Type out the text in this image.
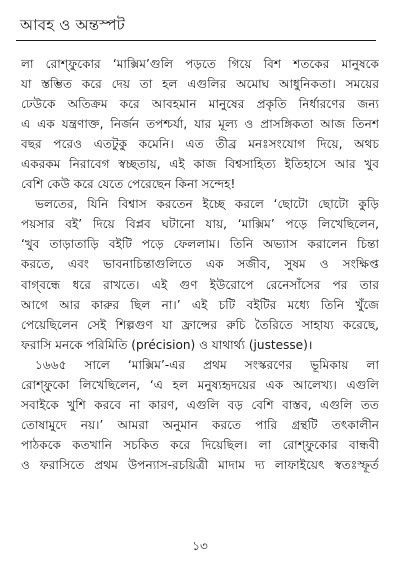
আবহ ও অন্তস্পট
লা রোশ্‌ফুকোর ‘মাক্সিম’গুলি পড়তে গিয়ে বিশ শতকের মানুষকে
যা স্তম্ভিত করে দেয় তা হল এগুলির অমোঘ আধুনিকতা। সময়ের
ঢেউকে অতিক্রম করে আবহমান মানুষের প্রকৃতি নির্ধারণের জন্য
এ এক যন্ত্রণাক্ত, নির্জন তপশ্চর্যা, যার মূল্য ও প্রাসঙ্গিকতা আজ তিনশ
বছর পরেও এতটুকু কমেনি। এত তীব্র মনঃসংযোগ দিয়ে, অথচ
একরকম নিরাবেগ স্বচ্ছতায়, এই কাজ বিশ্বসাহিত্য ইতিহাসে আর খুব
বেশি কেউ করে যেতে পেরেছেন কিনা সন্দেহ!
ভলতের, যিনি বিশ্বাস করতেন ইচ্ছে করলে ‘ছোটো ছোটো কুড়ি
পয়সার বই’ দিয়ে বিপ্লব ঘটানো যায়, ‘মাক্সিম’ পড়ে লিখেছিলেন,
‘খুব তাড়াতাড়ি বইটি পড়ে ফেললাম। তিনি অভ্যাস করালেন চিন্তা
করতে, এবং ভাবনাচিন্তাগুলিতে এক সজীব, সুষম ও সংক্ষিপ্ত
বাগ্‌বন্ধে ধরে রাখতে। এই গুণ ইউরোপে রেনেসাঁসের পর তার
আগে আর কারুর ছিল না।’ এই চটি বইটির মধ্যে তিনি খুঁজে
পেয়েছিলেন সেই শিল্পগুণ যা ফ্রান্সের রুচি তৈরিতে সাহায্য করেছে,
ফরাসি মনকে পরিমিতি (précision) ও যাথার্থ্য (justesse)।
১৬৬৫ সালে ‘মাক্সিম’-এর প্রথম সংস্করণের ভূমিকায় লা
রোশ্‌ফুকো লিখেছিলেন, ‘এ হল মনুষ্যহৃদয়ের এক আলেখ্য। এগুলি
সবাইকে খুশি করবে না কারণ, এগুলি বড় বেশি বাস্তব, এগুলি তত
তোষামুদে নয়।’ আমরা অনুমান করতে পারি গ্রন্থটি তৎকালীন
পাঠককে কতখানি সচকিত করে দিয়েছিল। লা রোশ্‌ফুকোর বান্ধবী
ও ফরাসিতে প্রথম উপন্যাস-রচয়িত্রী মাদাম দ্য লাফাইয়েৎ স্বতঃস্ফূর্ত
১৩
